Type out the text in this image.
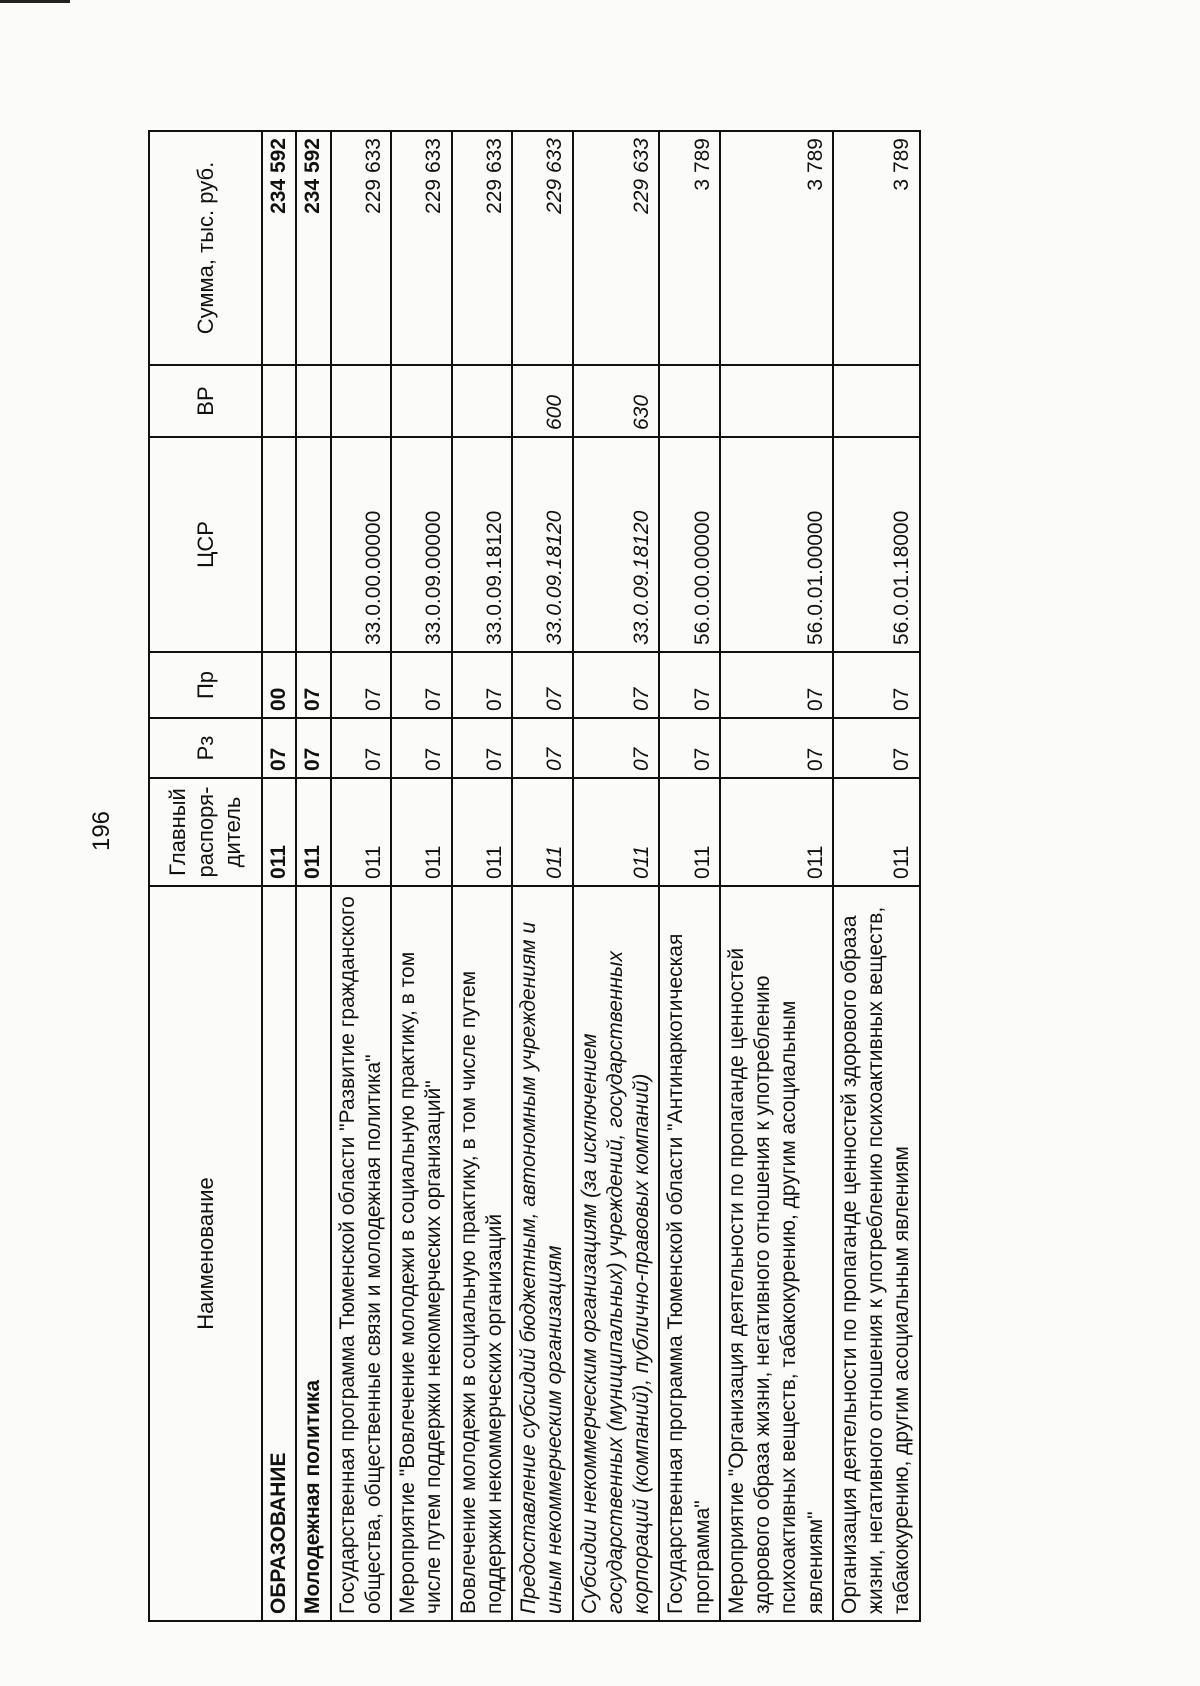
196
Наименование	Главный распоря-дитель	Рз	Пр	ЦСР	ВР	Сумма, тыс. руб.
ОБРАЗОВАНИЕ	011	07	00			234 592
Молодежная политика	011	07	07			234 592
Государственная программа Тюменской области "Развитие гражданского общества, общественные связи и молодежная политика"	011	07	07	33.0.00.00000		229 633
Мероприятие "Вовлечение молодежи в социальную практику, в том числе путем поддержки некоммерческих организаций"	011	07	07	33.0.09.00000		229 633
Вовлечение молодежи в социальную практику, в том числе путем поддержки некоммерческих организаций	011	07	07	33.0.09.18120		229 633
Предоставление субсидий бюджетным, автономным учреждениям и иным некоммерческим организациям	011	07	07	33.0.09.18120	600	229 633
Субсидии некоммерческим организациям (за исключением государственных (муниципальных) учреждений, государственных корпораций (компаний), публично-правовых компаний)	011	07	07	33.0.09.18120	630	229 633
Государственная программа Тюменской области "Антинаркотическая программа"	011	07	07	56.0.00.00000		3 789
Мероприятие "Организация деятельности по пропаганде ценностей здорового образа жизни, негативного отношения к употреблению психоактивных веществ, табакокурению, другим асоциальным явлениям"	011	07	07	56.0.01.00000		3 789
Организация деятельности по пропаганде ценностей здорового образа жизни, негативного отношения к употреблению психоактивных веществ, табакокурению, другим асоциальным явлениям	011	07	07	56.0.01.18000		3 789
